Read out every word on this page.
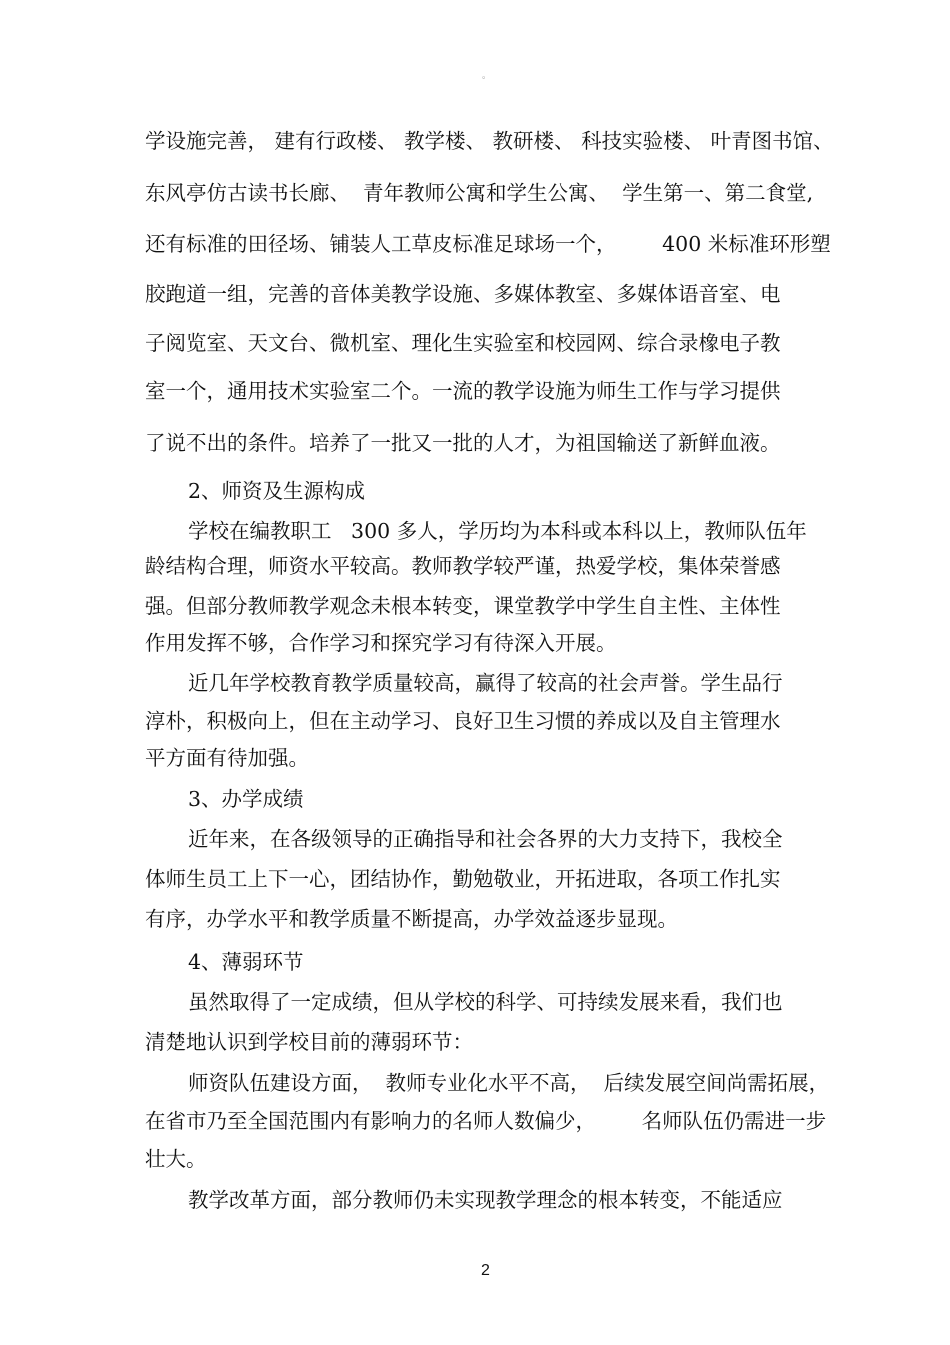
。
学设施完善， 建有行政楼、 教学楼、 教研楼、 科技实验楼、 叶青图书馆、
东风亭仿古读书长廊、  青年教师公寓和学生公寓、  学生第一、第二食堂,
还有标准的田径场、铺装人工草皮标准足球场一个，       400 米标准环形塑
胶跑道一组，完善的音体美教学设施、多媒体教室、多媒体语音室、电
子阅览室、天文台、微机室、理化生实验室和校园网、综合录橡电子教
室一个，通用技术实验室二个。一流的教学设施为师生工作与学习提供
了说不出的条件。培养了一批又一批的人才，为祖国输送了新鲜血液。
2、师资及生源构成
学校在编教职工   300 多人，学历均为本科或本科以上，教师队伍年
龄结构合理，师资水平较高。教师教学较严谨，热爱学校，集体荣誉感
强。但部分教师教学观念未根本转变，课堂教学中学生自主性、主体性
作用发挥不够，合作学习和探究学习有待深入开展。
近几年学校教育教学质量较高，赢得了较高的社会声誉。学生品行
淳朴，积极向上，但在主动学习、良好卫生习惯的养成以及自主管理水
平方面有待加强。
3、办学成绩
近年来，在各级领导的正确指导和社会各界的大力支持下，我校全
体师生员工上下一心，团结协作，勤勉敬业，开拓进取，各项工作扎实
有序，办学水平和教学质量不断提高，办学效益逐步显现。
4、薄弱环节
虽然取得了一定成绩，但从学校的科学、可持续发展来看，我们也
清楚地认识到学校目前的薄弱环节：
师资队伍建设方面，  教师专业化水平不高，  后续发展空间尚需拓展，
在省市乃至全国范围内有影响力的名师人数偏少，       名师队伍仍需进一步
壮大。
教学改革方面，部分教师仍未实现教学理念的根本转变，不能适应
2
